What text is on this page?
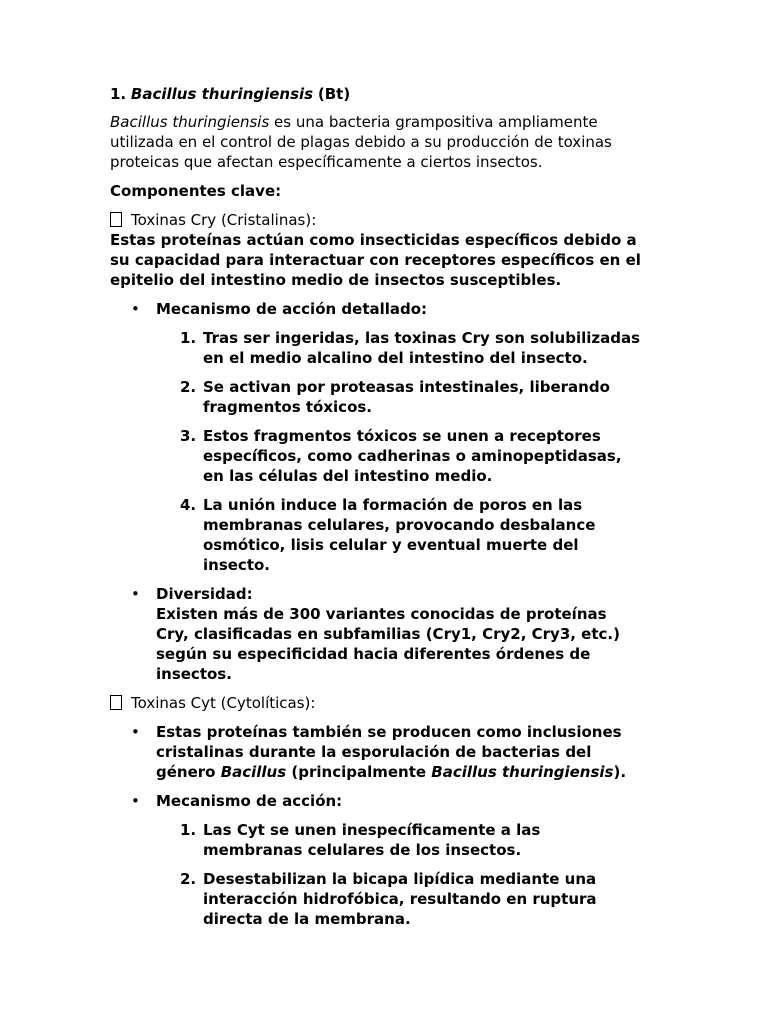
1. Bacillus thuringiensis (Bt)

Bacillus thuringiensis es una bacteria grampositiva ampliamente
utilizada en el control de plagas debido a su producción de toxinas
proteicas que afectan específicamente a ciertos insectos.

Componentes clave:

Toxinas Cry (Cristalinas):
Estas proteínas actúan como insecticidas específicos debido a
su capacidad para interactuar con receptores específicos en el
epitelio del intestino medio de insectos susceptibles.
• Mecanismo de acción detallado:
1. Tras ser ingeridas, las toxinas Cry son solubilizadas
en el medio alcalino del intestino del insecto.
2. Se activan por proteasas intestinales, liberando
fragmentos tóxicos.
3. Estos fragmentos tóxicos se unen a receptores
específicos, como cadherinas o aminopeptidasas,
en las células del intestino medio.
4. La unión induce la formación de poros en las
membranas celulares, provocando desbalance
osmótico, lisis celular y eventual muerte del
insecto.
• Diversidad:
Existen más de 300 variantes conocidas de proteínas
Cry, clasificadas en subfamilias (Cry1, Cry2, Cry3, etc.)
según su especificidad hacia diferentes órdenes de
insectos.
Toxinas Cyt (Cytolíticas):
• Estas proteínas también se producen como inclusiones
cristalinas durante la esporulación de bacterias del
género Bacillus (principalmente Bacillus thuringiensis).
• Mecanismo de acción:
1. Las Cyt se unen inespecíficamente a las
membranas celulares de los insectos.
2. Desestabilizan la bicapa lipídica mediante una
interacción hidrofóbica, resultando en ruptura
directa de la membrana.
